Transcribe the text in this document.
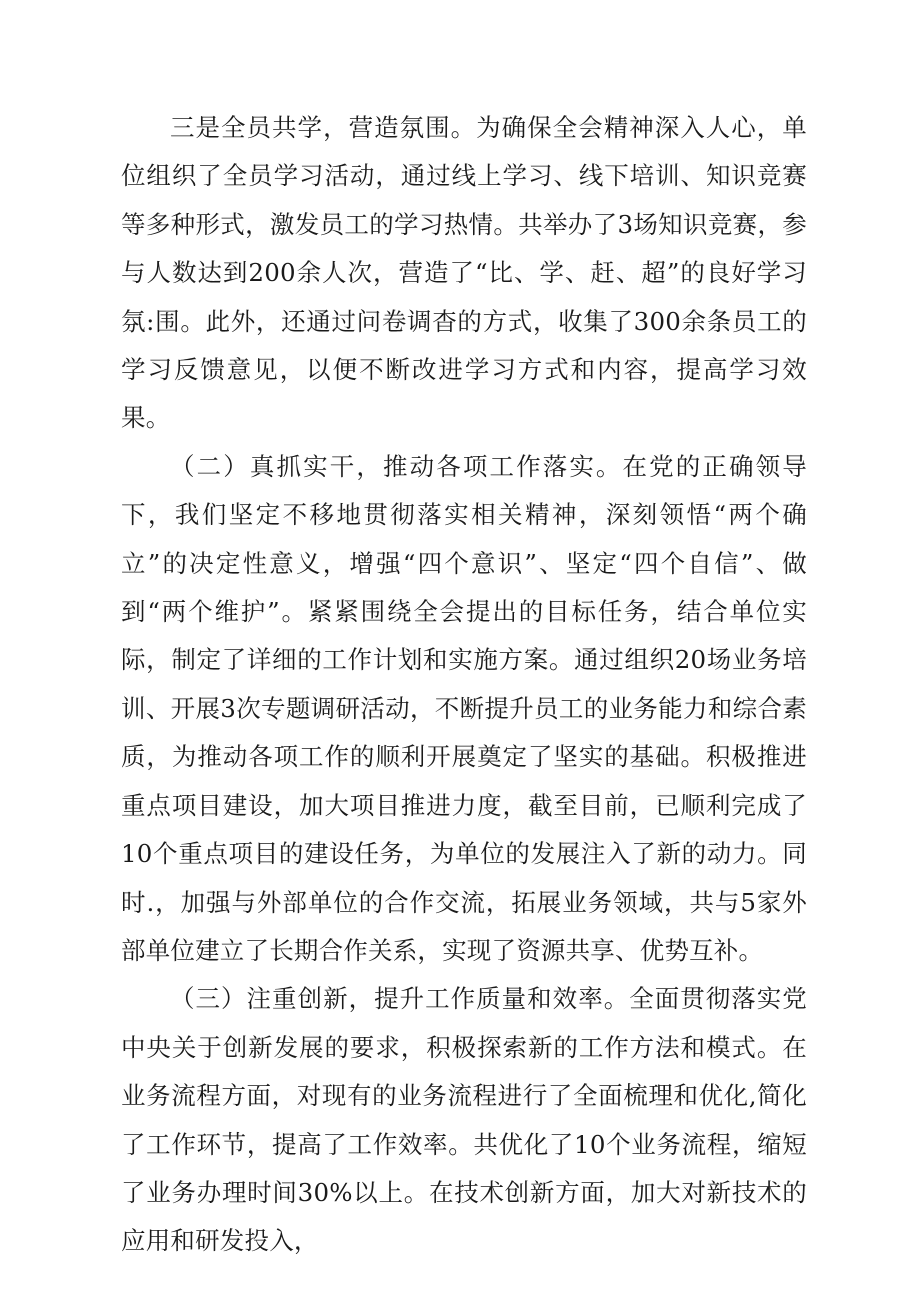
三是全员共学，营造氛围。为确保全会精神深入人心，单位组织了全员学习活动，通过线上学习、线下培训、知识竞赛等多种形式，激发员工的学习热情。共举办了3场知识竞赛，参与人数达到200余人次，营造了“比、学、赶、超”的良好学习氛:围。此外，还通过问卷调杳的方式，收集了300余条员工的学习反馈意见，以便不断改进学习方式和内容，提高学习效果。

（二）真抓实干，推动各项工作落实。在党的正确领导下，我们坚定不移地贯彻落实相关精神，深刻领悟“两个确立”的决定性意义，增强“四个意识”、坚定“四个自信”、做到“两个维护”。紧紧围绕全会提出的目标任务，结合单位实际，制定了详细的工作计划和实施方案。通过组织20场业务培训、开展3次专题调研活动，不断提升员工的业务能力和综合素质，为推动各项工作的顺利开展奠定了坚实的基础。积极推进重点项目建设，加大项目推进力度，截至目前，已顺利完成了10个重点项目的建设任务，为单位的发展注入了新的动力。同时.，加强与外部单位的合作交流，拓展业务领域，共与5家外部单位建立了长期合作关系，实现了资源共享、优势互补。

（三）注重创新，提升工作质量和效率。全面贯彻落实党中央关于创新发展的要求，积极探索新的工作方法和模式。在业务流程方面，对现有的业务流程进行了全面梳理和优化,简化了工作环节，提高了工作效率。共优化了10个业务流程，缩短了业务办理时间30%以上。在技术创新方面，加大对新技术的应用和研发投入，
